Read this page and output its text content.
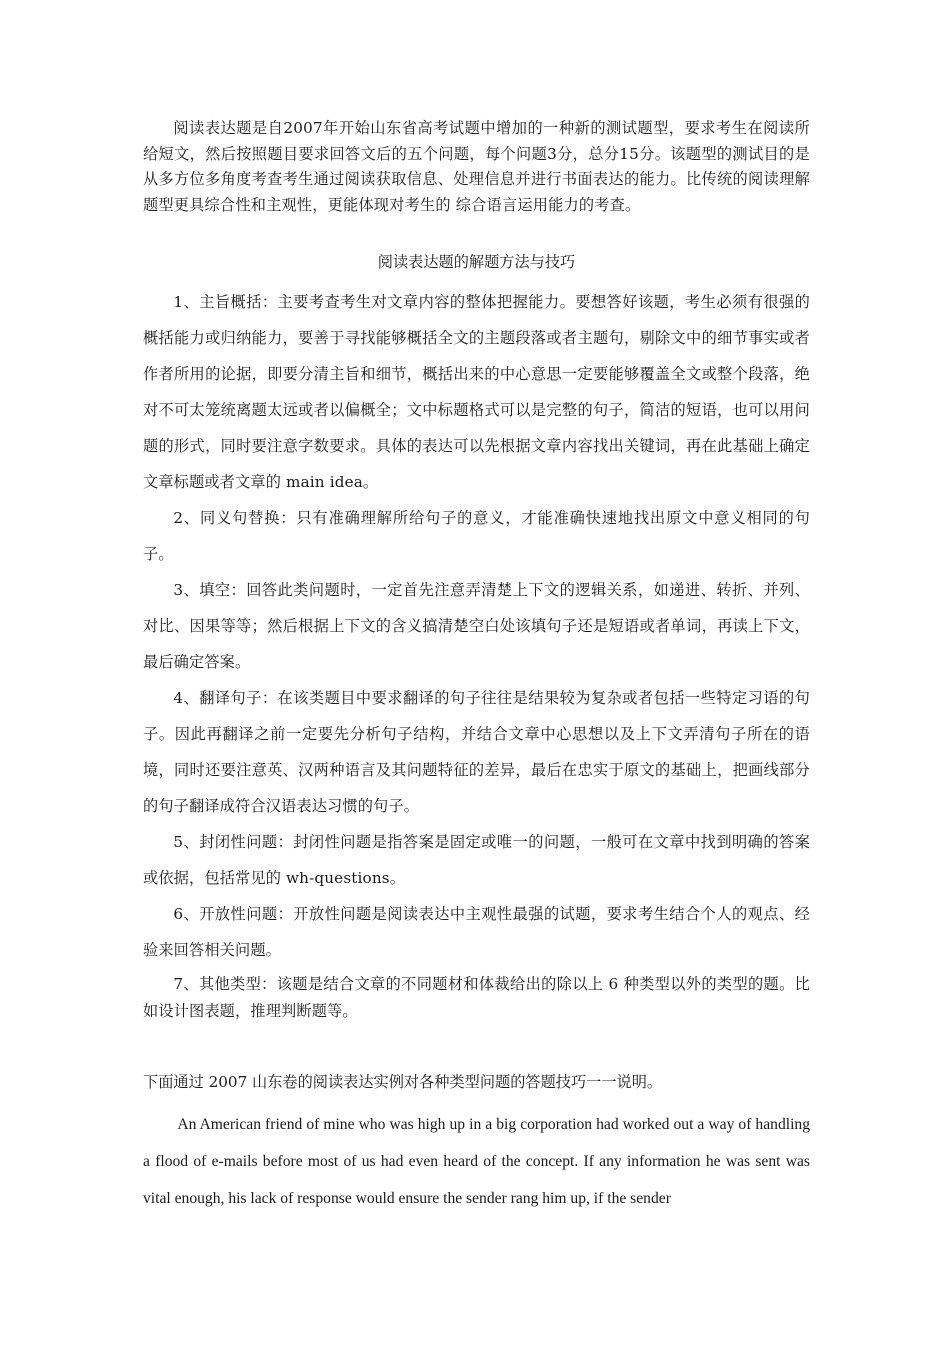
阅读表达题是自2007年开始山东省高考试题中增加的一种新的测试题型，要求考生在阅读所给短文，然后按照题目要求回答文后的五个问题，每个问题3分，总分15分。该题型的测试目的是从多方位多角度考查考生通过阅读获取信息、处理信息并进行书面表达的能力。比传统的阅读理解题型更具综合性和主观性，更能体现对考生的 综合语言运用能力的考查。

阅读表达题的解题方法与技巧

1、主旨概括：主要考查考生对文章内容的整体把握能力。要想答好该题，考生必须有很强的概括能力或归纳能力，要善于寻找能够概括全文的主题段落或者主题句，剔除文中的细节事实或者作者所用的论据，即要分清主旨和细节，概括出来的中心意思一定要能够覆盖全文或整个段落，绝对不可太笼统离题太远或者以偏概全；文中标题格式可以是完整的句子，简洁的短语，也可以用问题的形式，同时要注意字数要求。具体的表达可以先根据文章内容找出关键词，再在此基础上确定文章标题或者文章的 main idea。

2、同义句替换：只有准确理解所给句子的意义，才能准确快速地找出原文中意义相同的句子。

3、填空：回答此类问题时，一定首先注意弄清楚上下文的逻辑关系，如递进、转折、并列、对比、因果等等；然后根据上下文的含义搞清楚空白处该填句子还是短语或者单词，再读上下文，最后确定答案。

4、翻译句子：在该类题目中要求翻译的句子往往是结果较为复杂或者包括一些特定习语的句子。因此再翻译之前一定要先分析句子结构，并结合文章中心思想以及上下文弄清句子所在的语境，同时还要注意英、汉两种语言及其问题特征的差异，最后在忠实于原文的基础上，把画线部分的句子翻译成符合汉语表达习惯的句子。

5、封闭性问题：封闭性问题是指答案是固定或唯一的问题，一般可在文章中找到明确的答案或依据，包括常见的 wh-questions。

6、开放性问题：开放性问题是阅读表达中主观性最强的试题，要求考生结合个人的观点、经验来回答相关问题。

7、其他类型：该题是结合文章的不同题材和体裁给出的除以上 6 种类型以外的类型的题。比如设计图表题，推理判断题等。

下面通过 2007 山东卷的阅读表达实例对各种类型问题的答题技巧一一说明。

An American friend of mine who was high up in a big corporation had worked out a way of handling a flood of e-mails before most of us had even heard of the concept. If any information he was sent was vital enough, his lack of response would ensure the sender rang him up, if the sender
